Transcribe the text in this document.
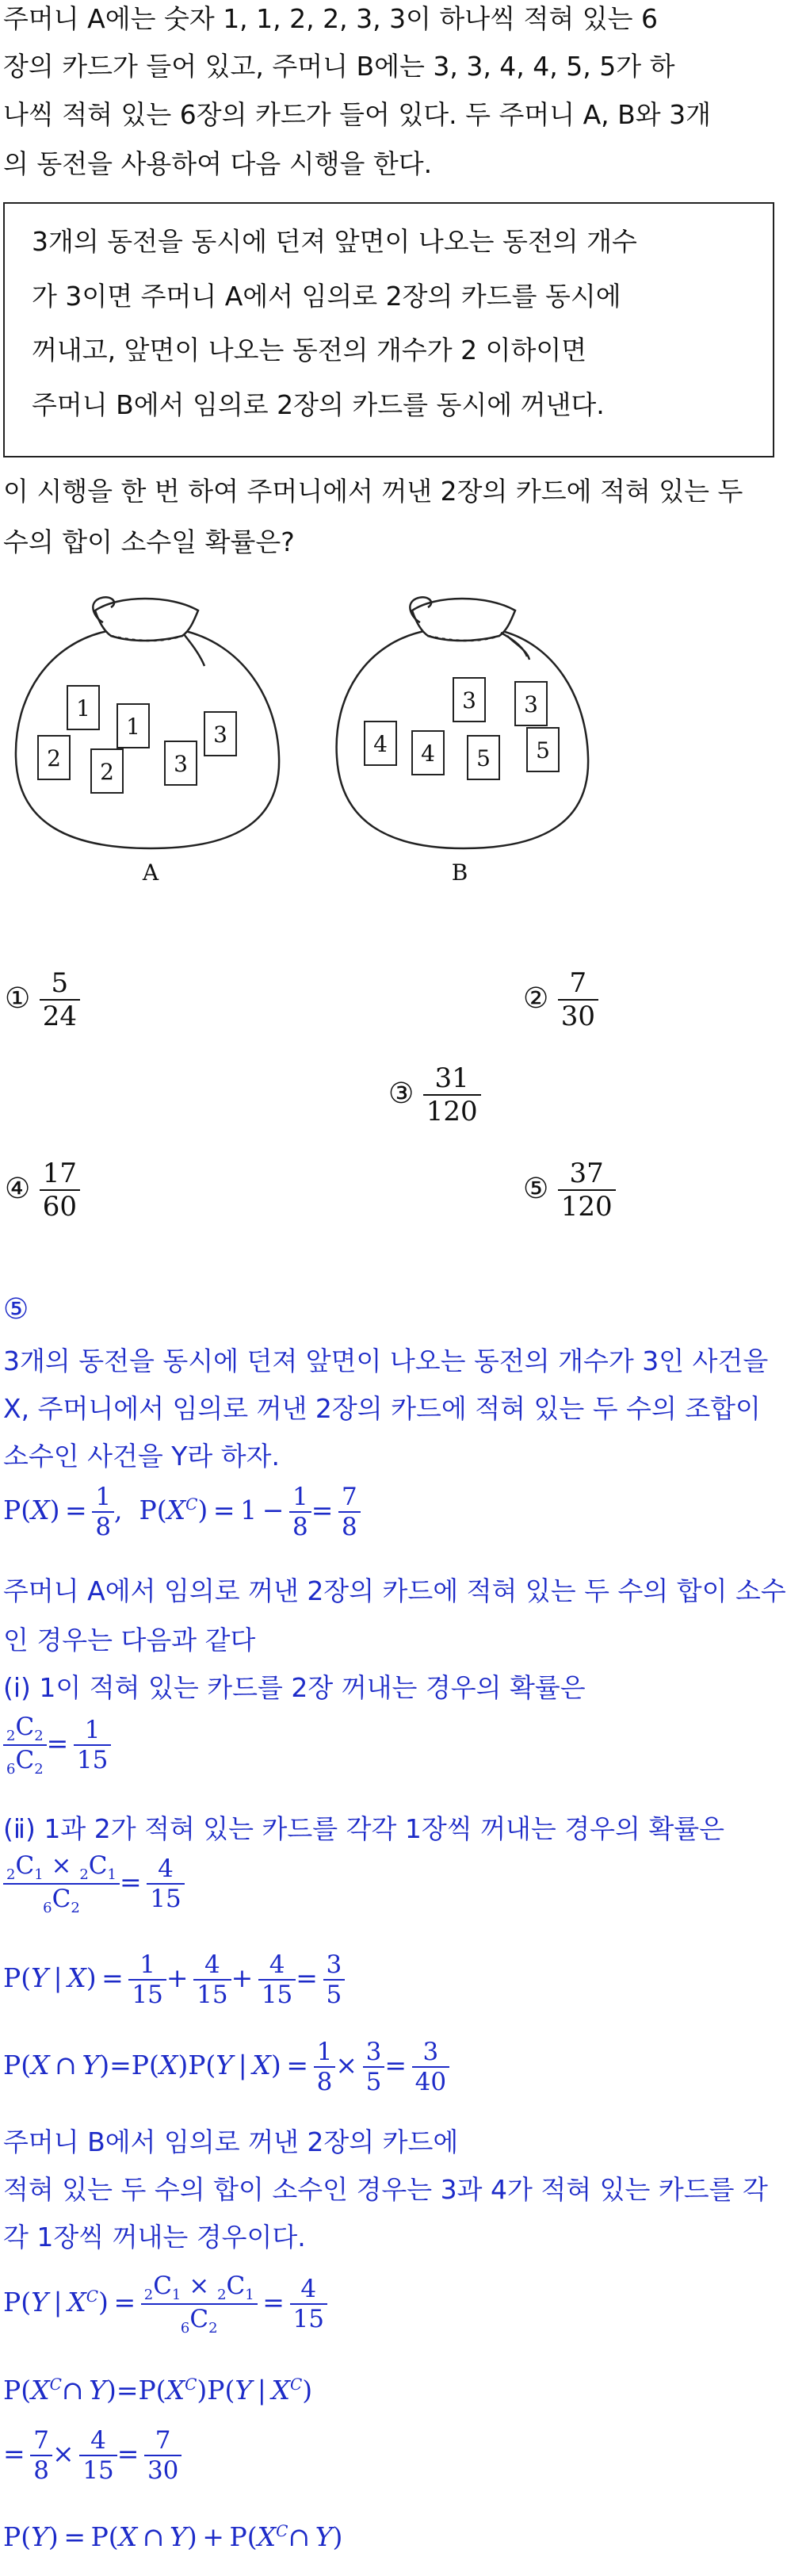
주머니 A에는 숫자 1, 1, 2, 2, 3, 3이 하나씩 적혀 있는 6
장의 카드가 들어 있고, 주머니 B에는 3, 3, 4, 4, 5, 5가 하
나씩 적혀 있는 6장의 카드가 들어 있다. 두 주머니 A, B와 3개
의 동전을 사용하여 다음 시행을 한다.
3개의 동전을 동시에 던져 앞면이 나오는 동전의 개수
가 3이면 주머니 A에서 임의로 2장의 카드를 동시에
꺼내고, 앞면이 나오는 동전의 개수가 2 이하이면
주머니 B에서 임의로 2장의 카드를 동시에 꺼낸다.
이 시행을 한 번 하여 주머니에서 꺼낸 2장의 카드에 적혀 있는 두
수의 합이 소수일 확률은?
1
1	3
2
2	3
A
3 3
4 4 5 5
B
① $\frac{5}{24}$	② $\frac{7}{30}$
③ $\frac{31}{120}$
④ $\frac{17}{60}$	⑤ $\frac{37}{120}$
⑤
3개의 동전을 동시에 던져 앞면이 나오는 동전의 개수가 3인 사건을
X, 주머니에서 임의로 꺼낸 2장의 카드에 적혀 있는 두 수의 조합이
소수인 사건을 Y라 하자.
$P(X) = \frac{1}{8}$ ,  $P(X^C) = 1 - \frac{1}{8} = \frac{7}{8}$
주머니 A에서 임의로 꺼낸 2장의 카드에 적혀 있는 두 수의 합이 소수
인 경우는 다음과 같다
(ⅰ) 1이 적혀 있는 카드를 2장 꺼내는 경우의 확률은
$\frac{_2C_2}{_6C_2} = \frac{1}{15}$
(ⅱ) 1과 2가 적혀 있는 카드를 각각 1장씩 꺼내는 경우의 확률은
$\frac{_2C_1 \times _2C_1}{_6C_2} = \frac{4}{15}$
P(Y | $X) = \frac{1}{15} + \frac{4}{15} + \frac{4}{15} = \frac{3}{5}$
P(X ∩ Y)=P(X)P(Y | $X) = \frac{1}{8} \times \frac{3}{5} = \frac{3}{40}$
주머니 B에서 임의로 꺼낸 2장의 카드에
적혀 있는 두 수의 합이 소수인 경우는 3과 4가 적혀 있는 카드를 각
각 1장씩 꺼내는 경우이다.
P(Y | $X^C) = \frac{_2C_1 \times _2C_1}{_6C_2} = \frac{4}{15}$
$P(X^C\cap$ $Y)=P(X^C)P(Y$ | $X^C$)
=  $\frac{7}{8} \times \frac{4}{15} = \frac{7}{30}$
P(Y) = P(X ∩ $Y) + P(X^C\cap$ Y)
